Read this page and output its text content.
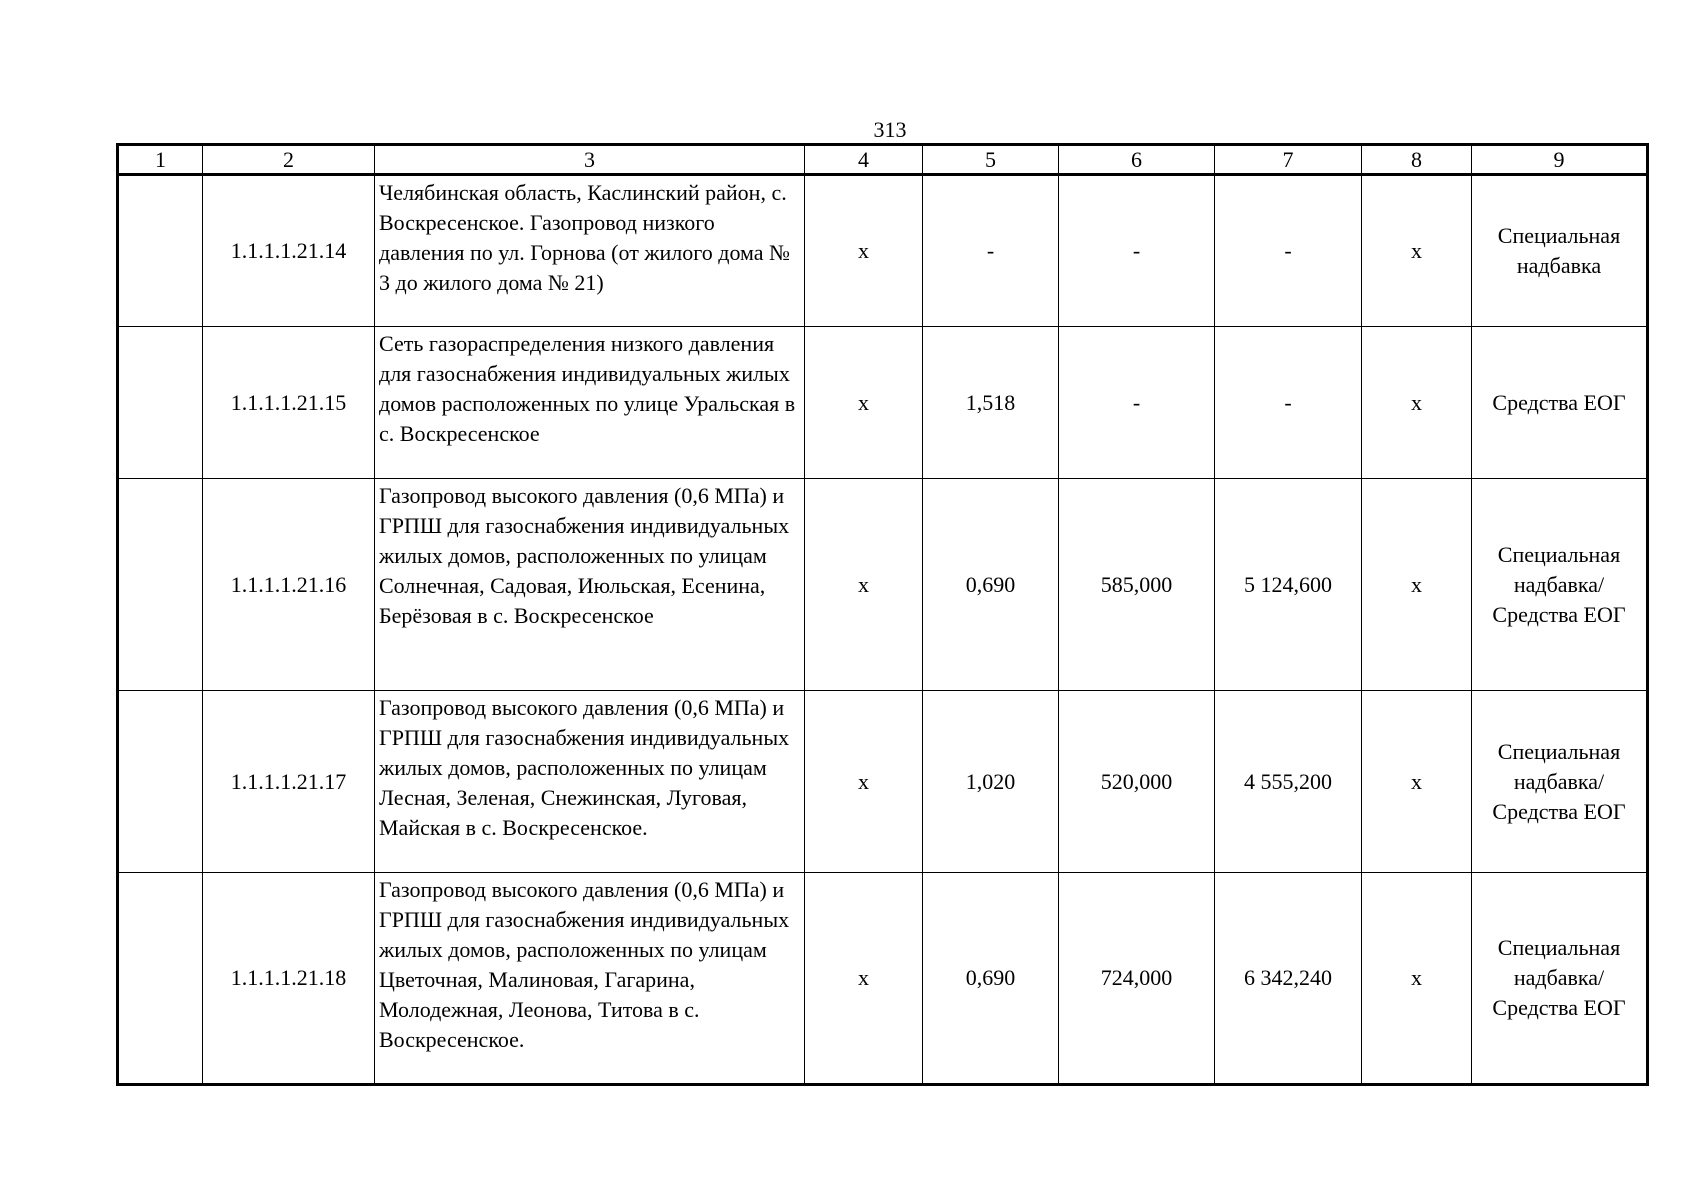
313
1	2	3	4	5	6	7	8	9
	1.1.1.1.21.14	Челябинская область, Каслинский район, с. Воскресенское. Газопровод низкого давления по ул. Горнова (от жилого дома № 3 до жилого дома № 21)	x	-	-	-	x	Специальная надбавка
	1.1.1.1.21.15	Сеть газораспределения низкого давления для газоснабжения индивидуальных жилых домов расположенных по улице Уральская в с. Воскресенское	x	1,518	-	-	x	Средства ЕОГ
	1.1.1.1.21.16	Газопровод высокого давления (0,6 МПа) и ГРПШ для газоснабжения индивидуальных жилых домов, расположенных по улицам Солнечная, Садовая, Июльская, Есенина, Берёзовая в с. Воскресенское	x	0,690	585,000	5 124,600	x	Специальная надбавка/Средства ЕОГ
	1.1.1.1.21.17	Газопровод высокого давления (0,6 МПа) и ГРПШ для газоснабжения индивидуальных жилых домов, расположенных по улицам Лесная, Зеленая, Снежинская, Луговая, Майская в с. Воскресенское.	x	1,020	520,000	4 555,200	x	Специальная надбавка/Средства ЕОГ
	1.1.1.1.21.18	Газопровод высокого давления (0,6 МПа) и ГРПШ для газоснабжения индивидуальных жилых домов, расположенных по улицам Цветочная, Малиновая, Гагарина, Молодежная, Леонова, Титова в с. Воскресенское.	x	0,690	724,000	6 342,240	x	Специальная надбавка/Средства ЕОГ
